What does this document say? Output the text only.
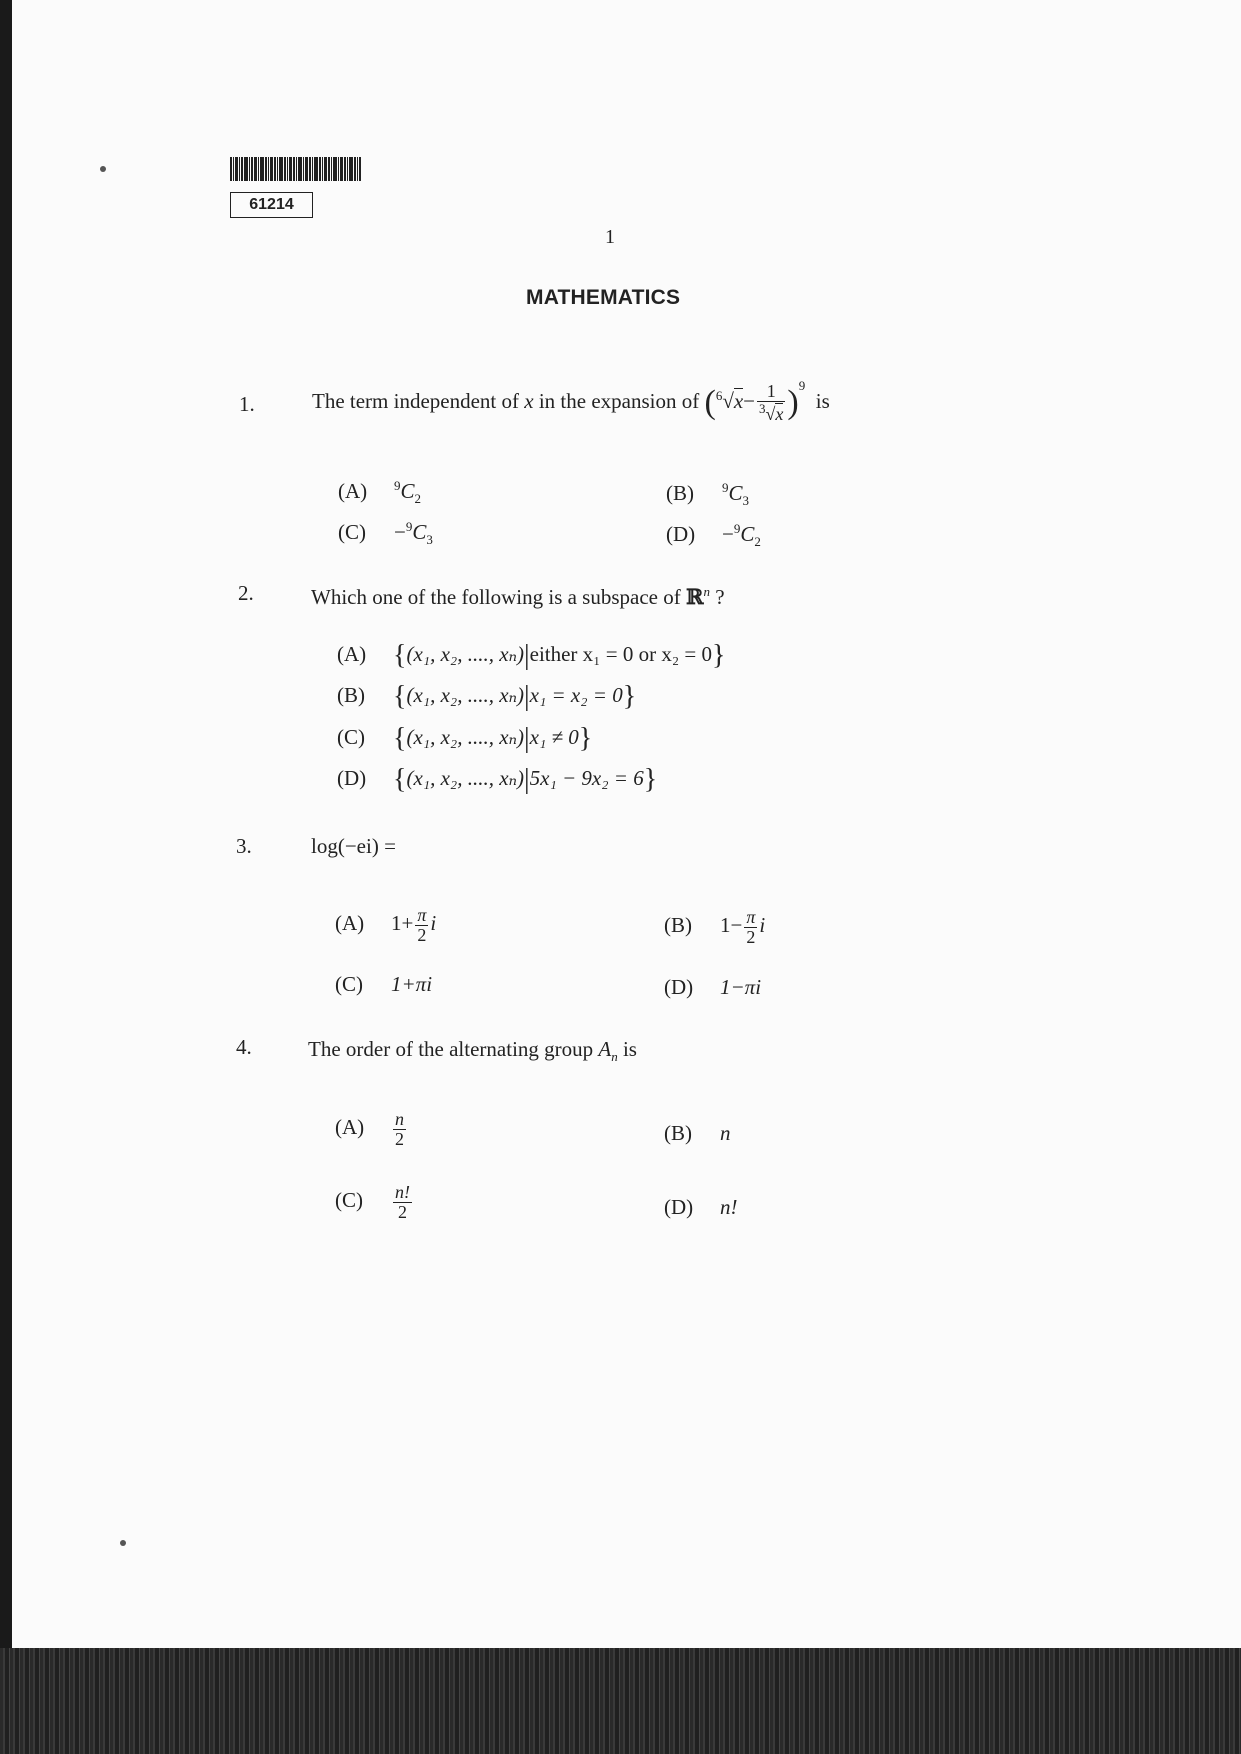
61214
1
MATHEMATICS
1.	The term independent of x in the expansion of $(^6√x- \frac{1}{^3√x} )^9$  is
(A) $^9C_2$	(B) $^9C_3$
$(C) -^9C_3$	$(D) -^9C_2$
2.	Which one of the following is a subspace of ℝ$^n$ ?
(A) {(x₁, x₂, ...., xₙ)|either x₁ = 0 or x₂ = 0}
(B) {(x₁, x₂, ...., xₙ)|x₁ = x₂ = 0}
(C) {(x₁, x₂, ...., xₙ)|x₁ ≠ 0}
(D) {(x₁, x₂, ...., xₙ)|5x₁ − 9x₂ = 6}
3.	log(−ei) =
(A) $1+ \frac{\pi}{2}$ i	(B) $1- \frac{\pi}{2}$ i
(C) 1+πi	(D) 1−πi
4.	The order of the alternating group $A_n$ is
$(A) \frac{n}{2}$	(B) n
$(C) \frac{n!}{2}$	(D) n!
